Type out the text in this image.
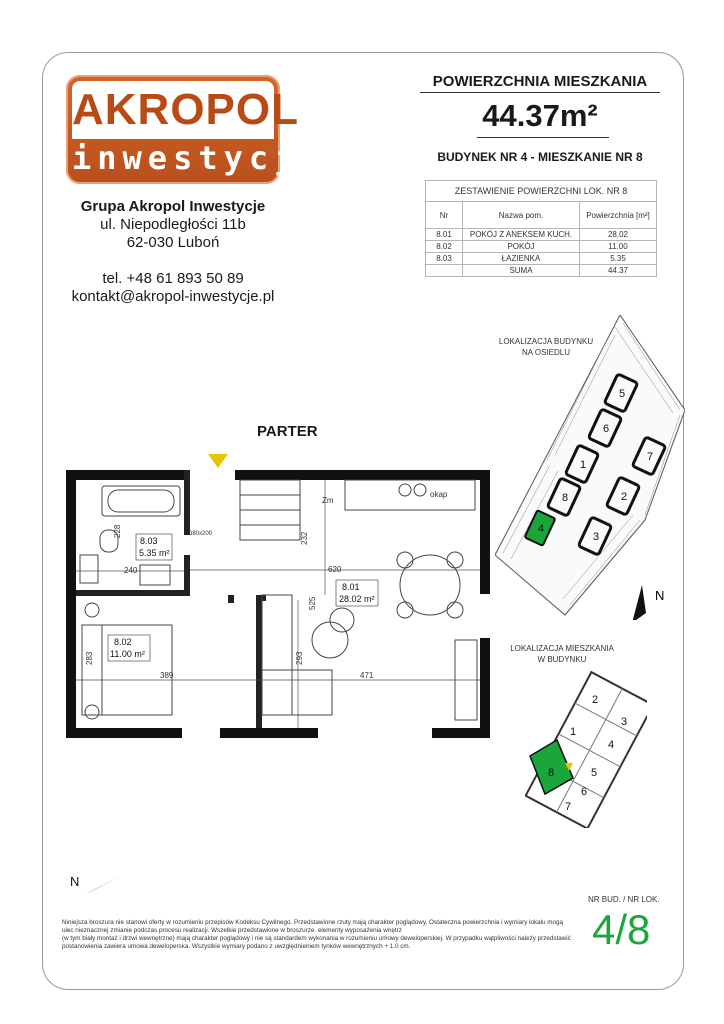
AKROPOL
inwestycje
Grupa Akropol Inwestycje
ul. Niepodległości 11b
62-030 Luboń
tel. +48 61 893 50 89
kontakt@akropol-inwestycje.pl
POWIERZCHNIA MIESZKANIA
44.37m²
BUDYNEK NR 4 - MIESZKANIE NR 8
ZESTAWIENIE POWIERZCHNI LOK. NR 8		
Nr	Nazwa pom.	Powierzchnia [m²]
8.01	POKÓJ Z ANEKSEM KUCH.	28.02
8.02	POKÓJ	11.00
8.03	ŁAZIENKA	5.35
	SUMA	44.37
LOKALIZACJA BUDYNKU
NA OSIEDLU
5
6
1
2
8
7
4
3
N
LOKALIZACJA MIESZKANIA
W BUDYNKU
2
3
1
4
8	5
6
7
PARTER
620
525
471
389
283	293
232
228
240
Zm
okap
D80x200
8.03
5.35 m²
8.01
28.02 m²
8.02
11.00 m²
N
Niniejsza broszura nie stanowi oferty w rozumieniu przepisów Kodeksu Cywilnego. Przedstawione rzuty mają charakter poglądowy. Ostateczna powierzchnia i wymiary lokalu mogą
ulec nieznacznej zmianie podczas procesu realizacji. Wszelkie przedstawione w broszurze. elementy wyposażenia wnętrz
(w tym biały montaż i drzwi wewnętrzne) mają charakter poglądowy i nie są standardem wykonania w rozumieniu umowy deweloperskiej. W przypadku wątpliwości należy przedstawić
postanowienia zawiera umowa deweloperska. Wszystkie wymiary podano z uwzględnieniem tynków wewnętrznych + 1.0 cm.
NR BUD. / NR LOK.
4/8
